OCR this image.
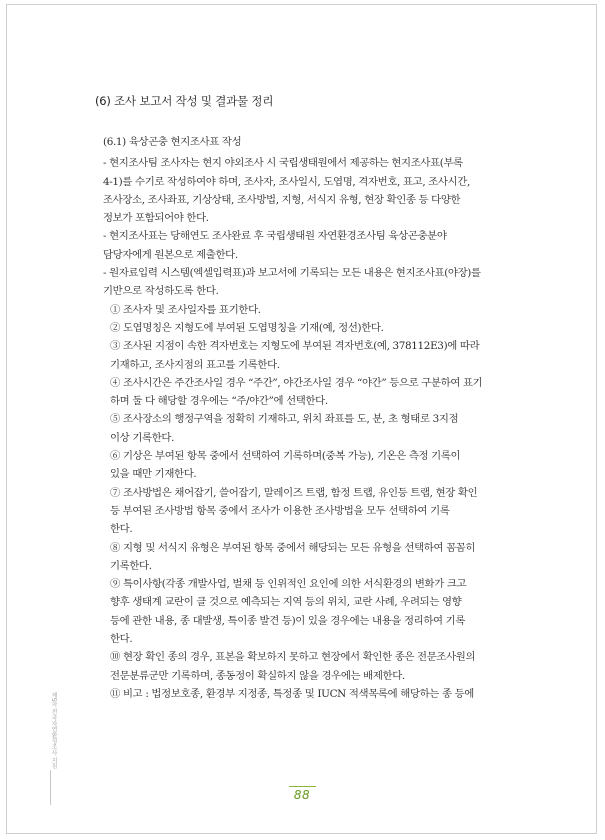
(6) 조사 보고서 작성 및 결과물 정리
(6.1) 육상곤충 현지조사표 작성
- 현지조사팀 조사자는 현지 야외조사 시 국립생태원에서 제공하는 현지조사표(부록
4-1)를 수기로 작성하여야 하며, 조사자, 조사일시, 도엽명, 격자번호, 표고, 조사시간,
조사장소, 조사좌표, 기상상태, 조사방법, 지형, 서식지 유형, 현장 확인종 등 다양한
정보가 포함되어야 한다.
- 현지조사표는 당해연도 조사완료 후 국립생태원 자연환경조사팀 육상곤충분야
담당자에게 원본으로 제출한다.
- 원자료입력 시스템(엑셀입력표)과 보고서에 기록되는 모든 내용은 현지조사표(야장)를
기반으로 작성하도록 한다.
① 조사자 및 조사일자를 표기한다.
② 도엽명칭은 지형도에 부여된 도엽명칭을 기재(예, 정선)한다.
③ 조사된 지점이 속한 격자번호는 지형도에 부여된 격자번호(예, 378112E3)에 따라
기재하고, 조사지점의 표고를 기록한다.
④ 조사시간은 주간조사일 경우 “주간”, 야간조사일 경우 “야간” 등으로 구분하여 표기
하며 둘 다 해당할 경우에는 “주/야간”에 선택한다.
⑤ 조사장소의 행정구역을 정확히 기재하고, 위치 좌표를 도, 분, 초 형태로 3지점
이상 기록한다.
⑥ 기상은 부여된 항목 중에서 선택하여 기록하며(중복 가능), 기온은 측정 기록이
있을 때만 기재한다.
⑦ 조사방법은 채어잡기, 쓸어잡기, 말레이즈 트랩, 함정 트랩, 유인등 트랩, 현장 확인
등 부여된 조사방법 항목 중에서 조사가 이용한 조사방법을 모두 선택하여 기록
한다.
⑧ 지형 및 서식지 유형은 부여된 항목 중에서 해당되는 모든 유형을 선택하여 꼼꼼히
기록한다.
⑨ 특이사항(각종 개발사업, 벌채 등 인위적인 요인에 의한 서식환경의 변화가 크고
향후 생태계 교란이 클 것으로 예측되는 지역 등의 위치, 교란 사례, 우려되는 영향
등에 관한 내용, 종 대발생, 특이종 발견 등)이 있을 경우에는 내용을 정리하여 기록
한다.
⑩ 현장 확인 종의 경우, 표본을 확보하지 못하고 현장에서 확인한 종은 전문조사원의
전문분류군만 기록하며, 종동정이 확실하지 않을 경우에는 배제한다.
⑪ 비고 : 법정보호종, 환경부 지정종, 특정종 및 IUCN 적색목록에 해당하는 종 등에
제5차 전국자연환경조사 지침
88
